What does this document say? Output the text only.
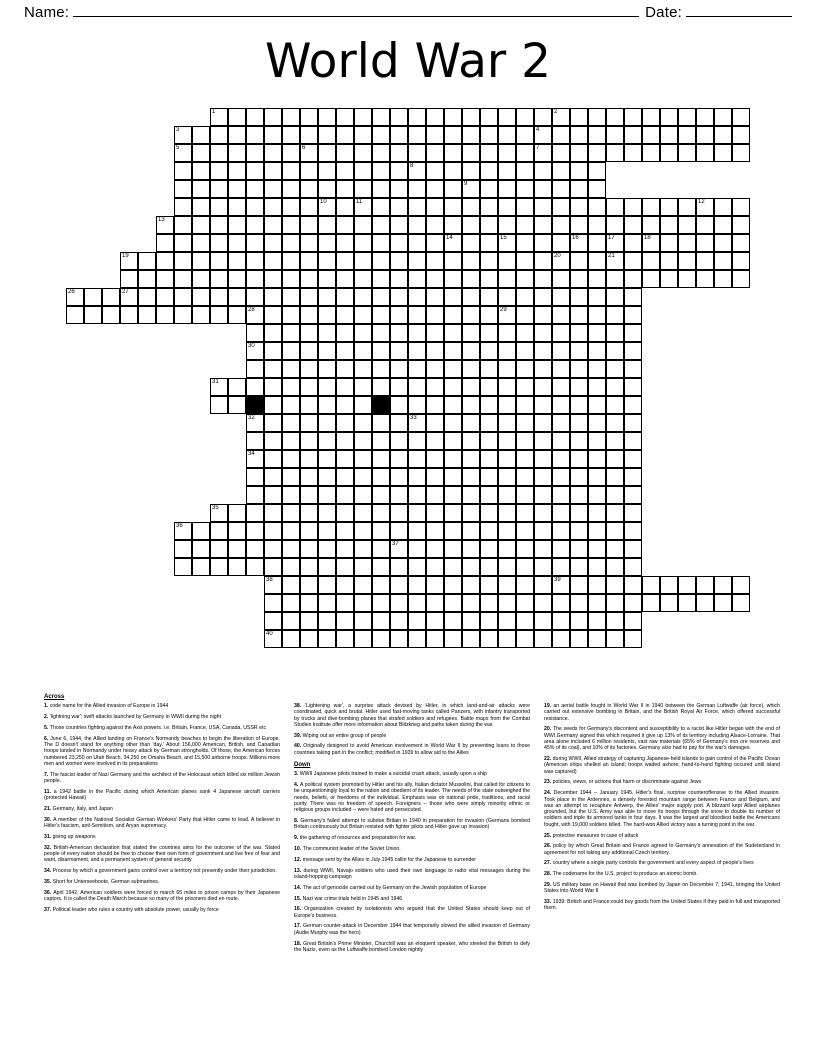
Name:	Date:
World War 2
1	2
3	4
5	6	7
8
9
10	11	12
13
14	15	16	17	18
19	20	21
26	27
28	29
30
31
32	33
34
35
36
37
38	39
40
Across
1. code name for the Allied invasion of Europe in 1944
2. 'lightning war'; swift attacks launched by Germany in WWII during the night
5. Those countries fighting against the Axis powers. i.e. Britain, France, USA, Canada, USSR etc
6. June 6, 1944, the Allied landing on France's Normandy beaches to begin the liberation of Europe. The D doesn't stand for anything other than 'day.' About 156,000 American, British, and Canadian troops landed in Normandy under heavy attack by German strongholds. Of those, the American forces numbered 23,250 on Utah Beach, 34,250 on Omaha Beach, and 15,500 airborne troops. Millions more men and women were involved in its preparations
7. The fascist leader of Nazi Germany and the architect of the Holocaust which killed six million Jewish people.
11. a 1942 battle in the Pacific during which American planes sank 4 Japanese aircraft carriers (protected Hawaii)
21. Germany, Italy, and Japan
30. A member of the National Socialist German Workers' Party that Hitler came to lead. A believer in Hitler's fascism, anti-Semitism, and Aryan supremacy.
31. giving up weapons
32. British-American declaration that stated the countries aims for the outcome of the war. Stated people of every nation should be free to choose their own form of government and live free of fear and want, disarmament, and a permanent system of general security.
34. Process by which a government gains control over a territory not presently under their jurisdiction.
35. Short for Unterseeboote, German submarines.
36. April 1942, American soldiers were forced to march 65 miles to prison camps by their Japanese captors. It is called the Death March because so many of the prisoners died en route.
37. Political leader who rules a country with absolute power, usually by force
38. 'Lightening war', a surprise attack devised by Hitler, in which land-and-air attacks were coordinated, quick and brutal. Hitler used fast-moving tanks called Panzers, with infantry transported by trucks and dive-bombing planes that strafed soldiers and refugees. Battle maps from the Combat Studies Institute offer more information about Blitzkrieg and paths taken during the war.
39. Wiping out an entire group of people
40. Originally designed to avoid American involvement in World War II by preventing loans to those countries taking part in the conflict; modified in 1939 to allow aid to the Allies
Down
3. WWII Japanese pilots trained to make a suicidal crash attack, usually upon a ship
4. A political system promoted by Hitler and his ally, Italian dictator Mussolini, that called for citizens to be unquestioningly loyal to the nation and obedient of its leader. The needs of the state outweighed the needs, beliefs, or freedoms of the individual. Emphasis was on national pride, traditions, and racial purity. There was no freedom of speech. Foreigners -- those who were simply minority ethnic or religious groups included -- were hated and persecuted.
8. Germany's failed attempt to subdue Britain in 1940 in preparation for invasion (Germans bombed Britain continuously but Britain resisted with fighter pilots and Hitler gave up invasion)
9. the gathering of resources and preparation for war.
10. The communist leader of the Soviet Union.
12. message sent by the Allies in July 1945 callin for the Japanese to surrender
13. during WWII, Navajo soldiers who used their own language to radio vital messages during the island-hopping campaign
14. The act of genocide carried out by Germany on the Jewish population of Europe
15. Nazi war crime trials held in 1945 and 1946
16. Organization created by isolationists who argued that the United States should keep out of Europe's business.
17. German counter-attack in December 1944 that temporarily slowed the allied invasion of Germany (Audie Murphy was the hero)
18. Great Britain's Prime Minister, Churchill was an eloquent speaker, who steeled the British to defy the Nazis, even as the Luftwaffe bombed London nightly
19. an aerial battle fought in World War II in 1940 between the German Luftwaffe (air force), which carried out extensive bombing in Britain, and the British Royal Air Force, which offered successful resistance.
20. The seeds for Germany's discontent and susceptibility to a racist like Hitler began with the end of WWI.Germany signed this which required it give up 13% of its territory including Alsace-Lorraine. That area alone included 6 million residents, vast raw materials (65% of Germany's iron ore reserves and 45% of its coal), and 10% of its factories. Germany also had to pay for the war's damages.
22. during WWII, Allied strategy of capturing Japanese-held islands to gain control of the Pacific Ocean (American ships shelled an island; troops waded ashore; hand-to-hand fighting occured until island was captured)
23. policies, views, or actions that harm or discriminate against Jews
24. December 1944 -- January 1945. Hitler's final, surprise counteroffensive to the Allied invasion. Took place in the Ardennes, a densely forested mountain range between France and Belgium, and was an attempt to recapture Antwerp, the Allies' major supply port. A blizzard kept Allied airplanes grounded, but the U.S. Army was able to move its troops through the snow to double its number of soldiers and triple its armored tanks in four days. It was the largest and bloodiest battle the Americans fought, with 19,000 soldiers killed. The hard-won Allied victory was a turning point in the war.
25. protective measures in case of attack
26. policy by which Great Britain and France agreed to Germany's annexation of the Sudetenland in agreement for not taking any additional Czech territory.
27. country where a single party controls the government and every aspect of people's lives
28. The codename for the U.S. project to produce an atomic bomb.
29. US military base on Hawaii that was bombed by Japan on December 7, 1941, bringing the United States into World War II
33. 1939: British and France could buy goods from the United States if they paid in full and transported them.
